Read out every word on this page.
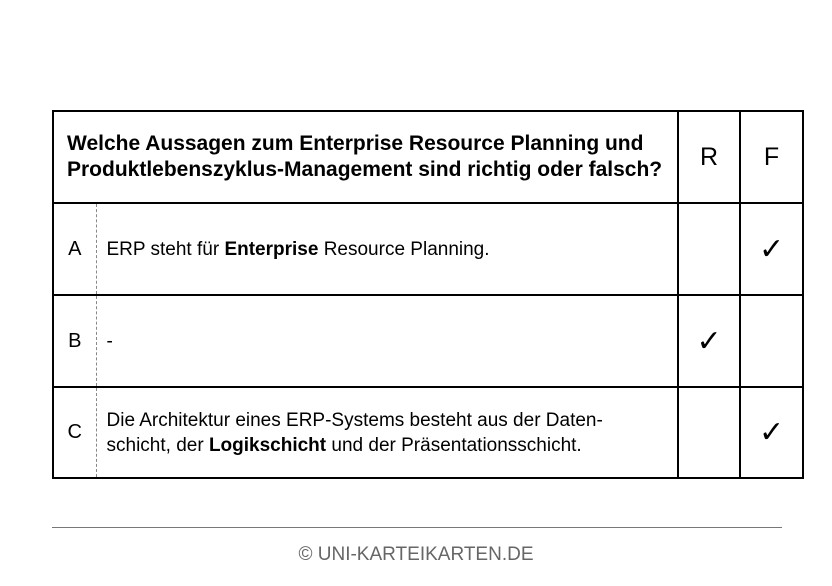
Welche Aussagen zum Enterprise Resource Planning und Produktlebenszyklus-Management sind richtig oder falsch?		R	F
A	ERP steht für Enterprise Resource Planning.		✓
B	-	✓	
C	Die Architektur eines ERP-Systems besteht aus der Daten-schicht, der Logikschicht und der Präsentationsschicht.		✓
© UNI-KARTEIKARTEN.DE
